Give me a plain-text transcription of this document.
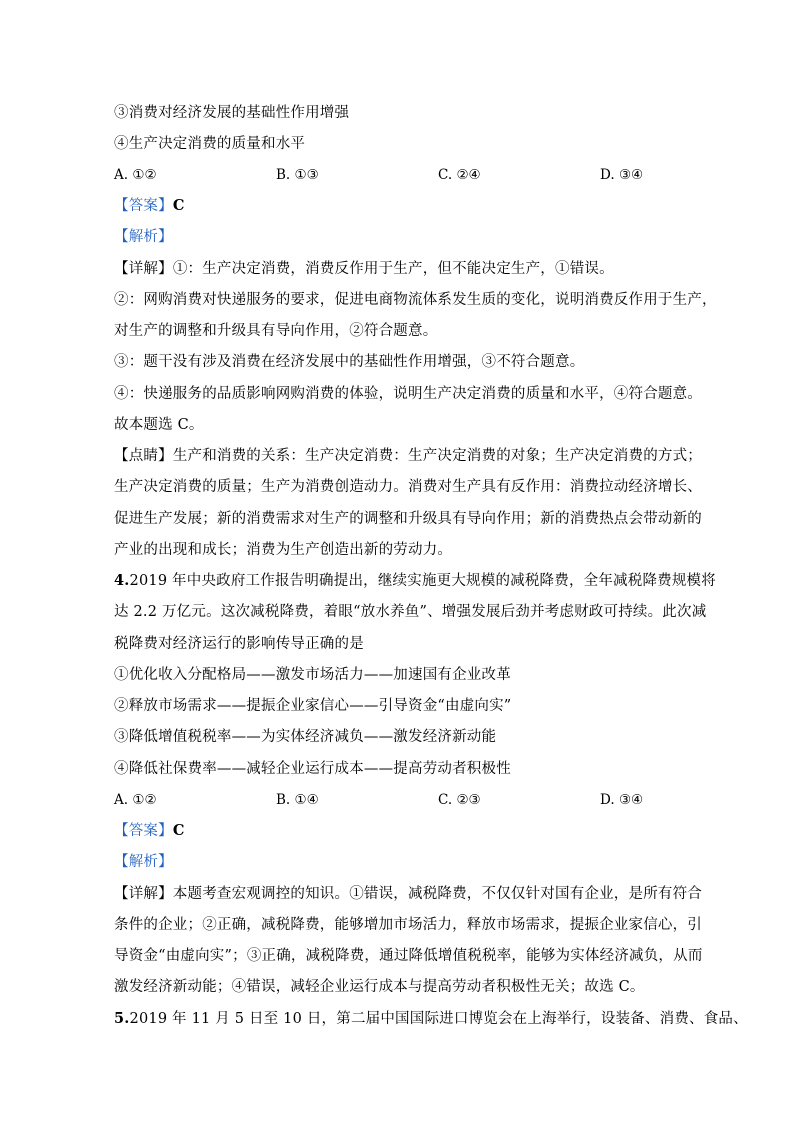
③消费对经济发展的基础性作用增强
④生产决定消费的质量和水平
A. ①②	B. ①③	C. ②④	D. ③④
【答案】C
【解析】
【详解】①：生产决定消费，消费反作用于生产，但不能决定生产，①错误。
②：网购消费对快递服务的要求，促进电商物流体系发生质的变化，说明消费反作用于生产，
对生产的调整和升级具有导向作用，②符合题意。
③：题干没有涉及消费在经济发展中的基础性作用增强，③不符合题意。
④：快递服务的品质影响网购消费的体验，说明生产决定消费的质量和水平，④符合题意。
故本题选 C。
【点睛】生产和消费的关系：生产决定消费：生产决定消费的对象；生产决定消费的方式；
生产决定消费的质量；生产为消费创造动力。消费对生产具有反作用：消费拉动经济增长、
促进生产发展；新的消费需求对生产的调整和升级具有导向作用；新的消费热点会带动新的
产业的出现和成长；消费为生产创造出新的劳动力。
4.2019 年中央政府工作报告明确提出，继续实施更大规模的减税降费，全年减税降费规模将
达 2.2 万亿元。这次减税降费，着眼“放水养鱼”、增强发展后劲并考虑财政可持续。此次减
税降费对经济运行的影响传导正确的是
①优化收入分配格局——激发市场活力——加速国有企业改革
②释放市场需求——提振企业家信心——引导资金“由虚向实”
③降低增值税税率——为实体经济减负——激发经济新动能
④降低社保费率——减轻企业运行成本——提高劳动者积极性
A. ①②	B. ①④	C. ②③	D. ③④
【答案】C
【解析】
【详解】本题考查宏观调控的知识。①错误，减税降费，不仅仅针对国有企业，是所有符合
条件的企业；②正确，减税降费，能够增加市场活力，释放市场需求，提振企业家信心，引
导资金“由虚向实”；③正确，减税降费，通过降低增值税税率，能够为实体经济减负，从而
激发经济新动能；④错误，减轻企业运行成本与提高劳动者积极性无关；故选 C。
5.2019 年 11 月 5 日至 10 日，第二届中国国际进口博览会在上海举行，设装备、消费、食品、
